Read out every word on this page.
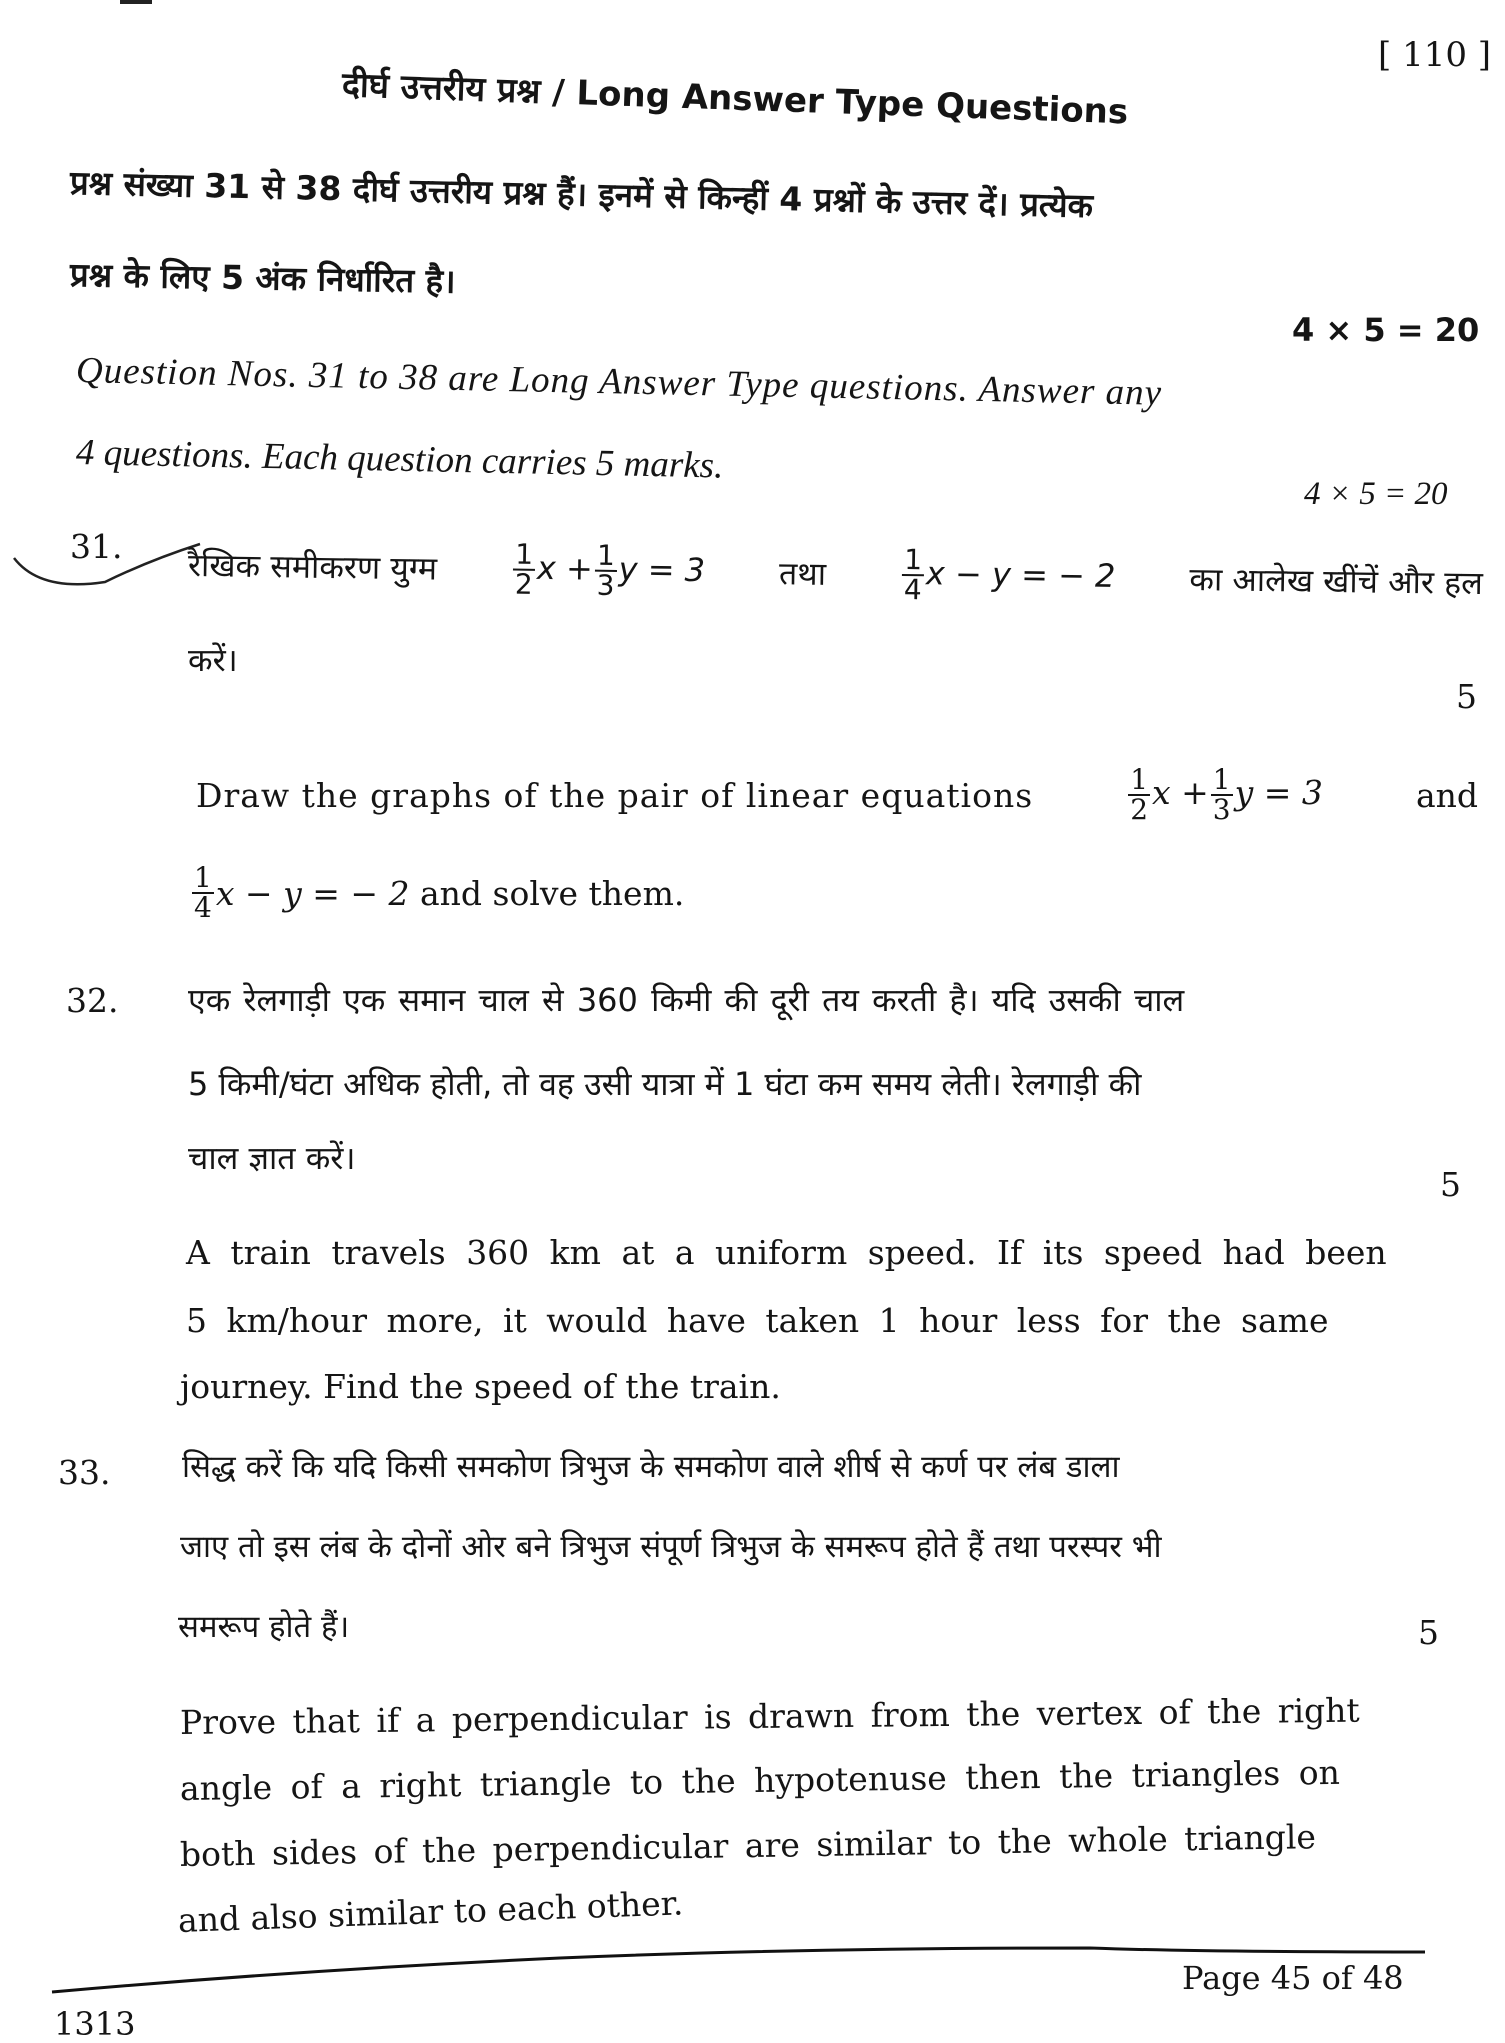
[ 110 ]
दीर्घ उत्तरीय प्रश्न / Long Answer Type Questions
प्रश्न संख्या 31 से 38 दीर्घ उत्तरीय प्रश्न हैं। इनमें से किन्हीं 4 प्रश्नों के उत्तर दें। प्रत्येक
प्रश्न के लिए 5 अंक निर्धारित है।
4 × 5 = 20
Question Nos. 31 to 38 are Long Answer Type questions. Answer any
4 questions. Each question carries 5 marks.
4 × 5 = 20
31. रैखिक समीकरण युग्म	$\frac{1}{2}$ $x + \frac{1}{3}$ y = 3 तथा	$\frac{1}{4}$ x − y = − 2 का आलेख खींचें और हल
करें।
5
Draw the graphs of the pair of linear equations	$\frac{1}{2}$ $x + \frac{1}{3}$ y = 3	and
$\frac{1}{4}$ x − y = − 2
and solve them.
32. एक रेलगाड़ी एक समान चाल से 360 किमी की दूरी तय करती है। यदि उसकी चाल
5 किमी/घंटा अधिक होती, तो वह उसी यात्रा में 1 घंटा कम समय लेती। रेलगाड़ी की
चाल ज्ञात करें।
5
A train travels 360 km at a uniform speed. If its speed had been
5 km/hour more, it would have taken 1 hour less for the same
journey. Find the speed of the train.
33. सिद्ध करें कि यदि किसी समकोण त्रिभुज के समकोण वाले शीर्ष से कर्ण पर लंब डाला
जाए तो इस लंब के दोनों ओर बने त्रिभुज संपूर्ण त्रिभुज के समरूप होते हैं तथा परस्पर भी
समरूप होते हैं।	5
Prove that if a perpendicular is drawn from the vertex of the right
angle of a right triangle to the hypotenuse then the triangles on
both sides of the perpendicular are similar to the whole triangle
and also similar to each other.
Page 45 of 48
1313
